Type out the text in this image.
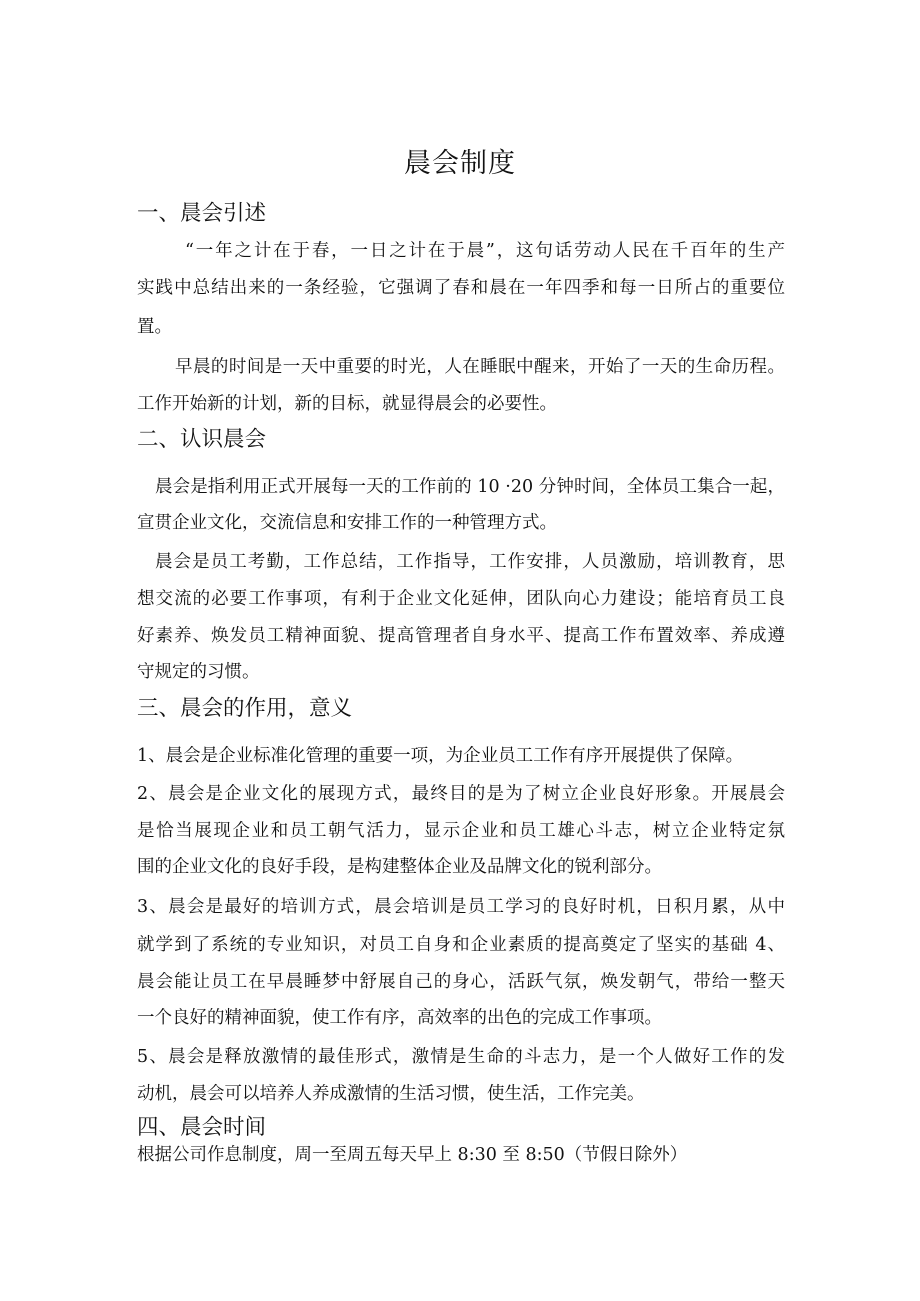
晨会制度
一、晨会引述
“一年之计在于春，一日之计在于晨”，这句话劳动人民在千百年的生产
实践中总结出来的一条经验，它强调了春和晨在一年四季和每一日所占的重要位
置。
早晨的时间是一天中重要的时光，人在睡眠中醒来，开始了一天的生命历程。
工作开始新的计划，新的目标，就显得晨会的必要性。
二、认识晨会
晨会是指利用正式开展每一天的工作前的 10 ·20 分钟时间，全体员工集合一起，
宣贯企业文化，交流信息和安排工作的一种管理方式。
晨会是员工考勤，工作总结，工作指导，工作安排，人员激励，培训教育，思
想交流的必要工作事项，有利于企业文化延伸，团队向心力建设；能培育员工良
好素养、焕发员工精神面貌、提高管理者自身水平、提高工作布置效率、养成遵
守规定的习惯。
三、晨会的作用，意义
1、晨会是企业标准化管理的重要一项，为企业员工工作有序开展提供了保障。
2、晨会是企业文化的展现方式，最终目的是为了树立企业良好形象。开展晨会
是恰当展现企业和员工朝气活力，显示企业和员工雄心斗志，树立企业特定氛
围的企业文化的良好手段，是构建整体企业及品牌文化的锐利部分。
3、晨会是最好的培训方式，晨会培训是员工学习的良好时机，日积月累，从中
就学到了系统的专业知识，对员工自身和企业素质的提高奠定了坚实的基础 4、
晨会能让员工在早晨睡梦中舒展自己的身心，活跃气氛，焕发朝气，带给一整天
一个良好的精神面貌，使工作有序，高效率的出色的完成工作事项。
5、晨会是释放激情的最佳形式，激情是生命的斗志力，是一个人做好工作的发
动机，晨会可以培养人养成激情的生活习惯，使生活，工作完美。
四、晨会时间
根据公司作息制度，周一至周五每天早上 8:30 至 8:50（节假日除外）
